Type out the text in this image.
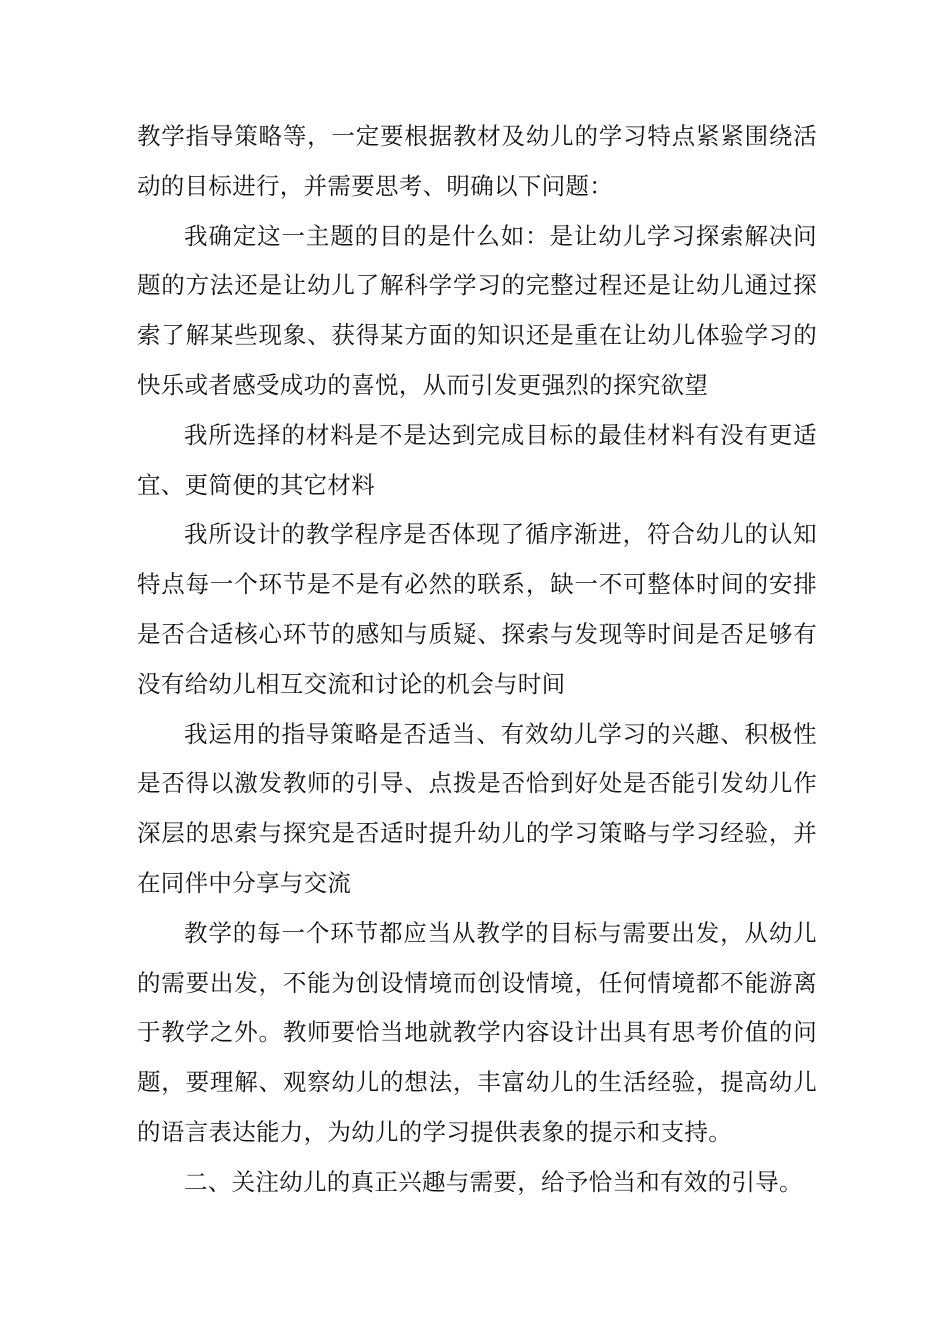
教学指导策略等，一定要根据教材及幼儿的学习特点紧紧围绕活动的目标进行，并需要思考、明确以下问题：

我确定这一主题的目的是什么如：是让幼儿学习探索解决问题的方法还是让幼儿了解科学学习的完整过程还是让幼儿通过探索了解某些现象、获得某方面的知识还是重在让幼儿体验学习的快乐或者感受成功的喜悦，从而引发更强烈的探究欲望

我所选择的材料是不是达到完成目标的最佳材料有没有更适宜、更简便的其它材料

我所设计的教学程序是否体现了循序渐进，符合幼儿的认知特点每一个环节是不是有必然的联系，缺一不可整体时间的安排是否合适核心环节的感知与质疑、探索与发现等时间是否足够有没有给幼儿相互交流和讨论的机会与时间

我运用的指导策略是否适当、有效幼儿学习的兴趣、积极性是否得以激发教师的引导、点拨是否恰到好处是否能引发幼儿作深层的思索与探究是否适时提升幼儿的学习策略与学习经验，并在同伴中分享与交流

教学的每一个环节都应当从教学的目标与需要出发，从幼儿的需要出发，不能为创设情境而创设情境，任何情境都不能游离于教学之外。教师要恰当地就教学内容设计出具有思考价值的问题，要理解、观察幼儿的想法，丰富幼儿的生活经验，提高幼儿的语言表达能力，为幼儿的学习提供表象的提示和支持。

二、关注幼儿的真正兴趣与需要，给予恰当和有效的引导。
